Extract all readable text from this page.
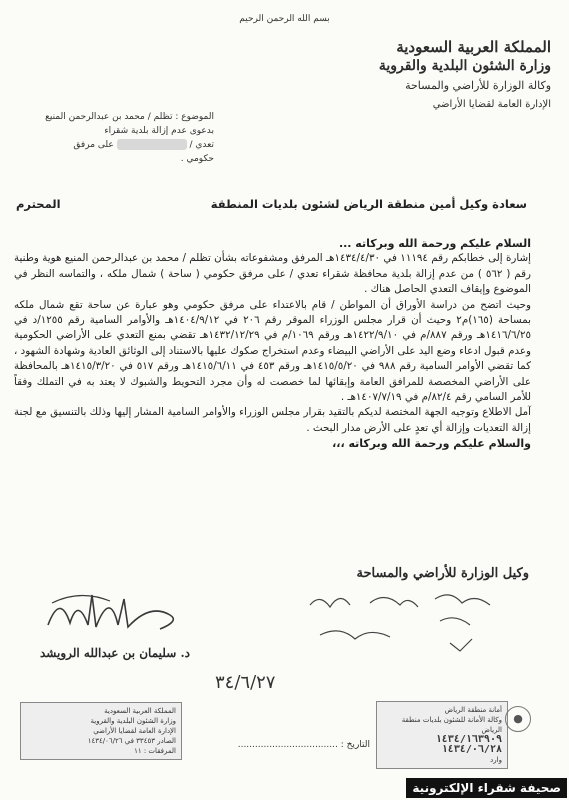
بسم الله الرحمن الرحيم
المملكة العربية السعودية
وزارة الشئون البلدية والقروية
وكالة الوزارة للأراضي والمساحة
الإدارة العامة لقضايا الأراضي
الموضوع : تظلم / محمد بن عبدالرحمن المنيع
بدعوى عدم إزالة بلدية شقراء
تعدي /  على مرفق
حكومي .
سعادة وكيل أمين منطقة الرياض لشئون بلديات المنطقة
المحترم

السلام عليكم ورحمة الله وبركاته ...

إشارة إلى خطابكم رقم ١١١٩٤ في ١٤٣٤/٤/٣٠هـ المرفق ومشفوعاته بشأن تظلم / محمد بن عبدالرحمن المنيع هوية وطنية رقم ( ٥٦٢ ) من عدم إزالة بلدية محافظة شقراء تعدي / على مرفق حكومي ( ساحة ) شمال ملكه ، والتماسه النظر في الموضوع وإيقاف التعدي الحاصل هناك .

وحيث اتضح من دراسة الأوراق أن المواطن / قام بالاعتداء على مرفق حكومي وهو عبارة عن ساحة تقع شمال ملكه بمساحة (١٦٥)م٢ وحيث أن قرار مجلس الوزراء الموقر رقم ٢٠٦ في ١٤٠٤/٩/١٢هـ والأوامر السامية رقم ١٢٥٥/د في ١٤١٦/٦/٢٥هـ ورقم ٨٨٧/م في ١٤٢٢/٩/١٠هـ ورقم ١٠٦٩/م في ١٤٣٢/١٢/٢٩هـ تقضي بمنع التعدي على الأراضي الحكومية وعدم قبول ادعاء وضع اليد على الأراضي البيضاء وعدم استخراج صكوك عليها بالاستناد إلى الوثائق العادية وشهادة الشهود ، كما تقضي الأوامر السامية رقم ٩٨٨ في ١٤١٥/٥/٢٠هـ ورقم ٤٥٣ في ١٤١٥/٦/١١هـ ورقم ٥١٧ في ١٤١٥/٣/٢٠هـ بالمحافظة على الأراضي المخصصة للمرافق العامة وإبقائها لما خصصت له وأن مجرد التحويط والشبوك لا يعتد به في التملك وفقاً للأمر السامي رقم ٨٢/٤/م في ١٤٠٧/٧/١٩هـ .

آمل الاطلاع وتوجيه الجهة المختصة لديكم بالتقيد بقرار مجلس الوزراء والأوامر السامية المشار إليها وذلك بالتنسيق مع لجنة إزالة التعديات وإزالة أي تعدٍ على الأرض مدار البحث .

والسلام عليكم ورحمة الله وبركاته ،،،

وكيل الوزارة للأراضي والمساحة
د. سليمان بن عبدالله الرويشد
٣٤/٦/٢٧
المملكة العربية السعودية
وزارة الشئون البلدية والقروية
الإدارة العامة لقضايا الأراضي
الصادر ٣٣٤٥٣ في ١٤٣٤/٠٦/٢٦
المرفقات : ١١
أمانة منطقة الرياض
وكالة الأمانة للشئون بلديات منطقة الرياض
١٤٣٤/١٦٣٩٠٩
١٤٣٤/٠٦/٢٨
وارد
●
التاريخ : ...................................
صحيفة شقراء الإلكترونية
